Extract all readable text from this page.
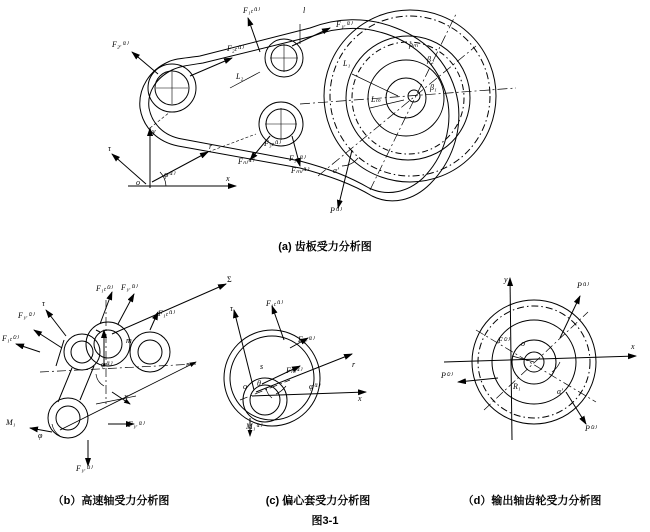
F₁ₜ⁽¹⁾	l
F₁ᵣ⁽¹⁾
F₂ᵣ⁽¹⁾	F₂ₜ⁽¹⁾	ρₘ
β₂
L₁
L₂
β₁
Lₘ
y
τ	r	F₃ₜ⁽¹⁾
F₃ᵣ⁽¹⁾
o
φ⁽¹⁾	x
Fₙₗ⁽¹⁾
Fₘₗ⁽¹⁾	α'
P⁽¹⁾
Σ
τ
F₁ₜ⁽³⁾ F₁ᵣ⁽³⁾
F₁ᵣ⁽²⁾	F₁ₜ⁽¹⁾
F₁ₜ⁽²⁾	m
φ⁽¹⁾	r
x
M₁
φ
F₁ᵣ⁽¹⁾
F₁ᵣ⁽³⁾
τ
F₁ₜ⁽¹⁾
F₁ᵣ⁽¹⁾
s	Fₙₗ⁽¹⁾
o θ	φ⁽¹⁾
r
x
M₁⁽¹⁾
y
P⁽¹⁾
F⁽²⁾ o	x
P⁽²⁾
R₁
α'
P⁽³⁾
(a) 齿板受力分析图
（b）高速轴受力分析图	(c) 偏心套受力分析图	（d）输出轴齿轮受力分析图
图3-1
